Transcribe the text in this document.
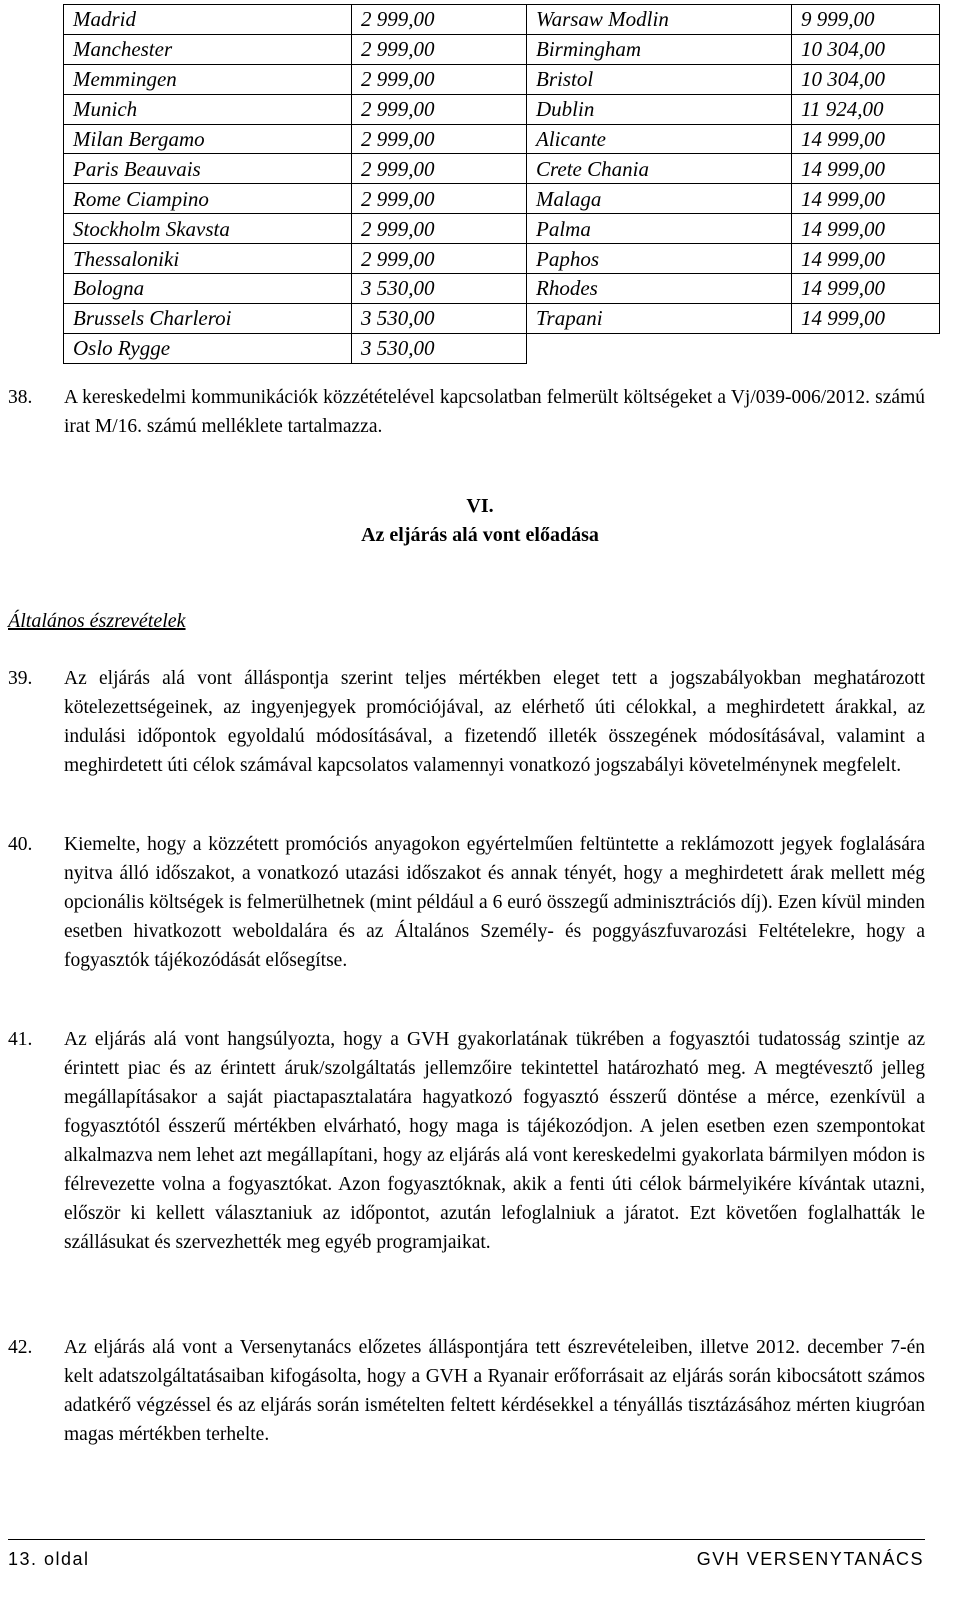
Madrid	2 999,00	Warsaw Modlin	9 999,00
Manchester	2 999,00	Birmingham	10 304,00
Memmingen	2 999,00	Bristol	10 304,00
Munich	2 999,00	Dublin	11 924,00
Milan Bergamo	2 999,00	Alicante	14 999,00
Paris Beauvais	2 999,00	Crete Chania	14 999,00
Rome Ciampino	2 999,00	Malaga	14 999,00
Stockholm Skavsta	2 999,00	Palma	14 999,00
Thessaloniki	2 999,00	Paphos	14 999,00
Bologna	3 530,00	Rhodes	14 999,00
Brussels Charleroi	3 530,00	Trapani	14 999,00
Oslo Rygge	3 530,00		
38. A kereskedelmi kommunikációk közzétételével kapcsolatban felmerült költségeket a Vj/039-006/2012. számú irat M/16. számú melléklete tartalmazza.
VI.
Az eljárás alá vont előadása
Általános észrevételek
39. Az eljárás alá vont álláspontja szerint teljes mértékben eleget tett a jogszabályokban meghatározott kötelezettségeinek, az ingyenjegyek promóciójával, az elérhető úti célokkal, a meghirdetett árakkal, az indulási időpontok egyoldalú módosításával, a fizetendő illeték összegének módosításával, valamint a meghirdetett úti célok számával kapcsolatos valamennyi vonatkozó jogszabályi követelménynek megfelelt.
40. Kiemelte, hogy a közzétett promóciós anyagokon egyértelműen feltüntette a reklámozott jegyek foglalására nyitva álló időszakot, a vonatkozó utazási időszakot és annak tényét, hogy a meghirdetett árak mellett még opcionális költségek is felmerülhetnek (mint például a 6 euró összegű adminisztrációs díj). Ezen kívül minden esetben hivatkozott weboldalára és az Általános Személy- és poggyászfuvarozási Feltételekre, hogy a fogyasztók tájékozódását elősegítse.
41. Az eljárás alá vont hangsúlyozta, hogy a GVH gyakorlatának tükrében a fogyasztói tudatosság szintje az érintett piac és az érintett áruk/szolgáltatás jellemzőire tekintettel határozható meg. A megtévesztő jelleg megállapításakor a saját piactapasztalatára hagyatkozó fogyasztó ésszerű döntése a mérce, ezenkívül a fogyasztótól ésszerű mértékben elvárható, hogy maga is tájékozódjon. A jelen esetben ezen szempontokat alkalmazva nem lehet azt megállapítani, hogy az eljárás alá vont kereskedelmi gyakorlata bármilyen módon is félrevezette volna a fogyasztókat. Azon fogyasztóknak, akik a fenti úti célok bármelyikére kívántak utazni, először ki kellett választaniuk az időpontot, azután lefoglalniuk a járatot. Ezt követően foglalhatták le szállásukat és szervezhették meg egyéb programjaikat.
42. Az eljárás alá vont a Versenytanács előzetes álláspontjára tett észrevételeiben, illetve 2012. december 7-én kelt adatszolgáltatásaiban kifogásolta, hogy a GVH a Ryanair erőforrásait az eljárás során kibocsátott számos adatkérő végzéssel és az eljárás során ismételten feltett kérdésekkel a tényállás tisztázásához mérten kiugróan magas mértékben terhelte.
13. oldal	GVH VERSENYTANÁCS
